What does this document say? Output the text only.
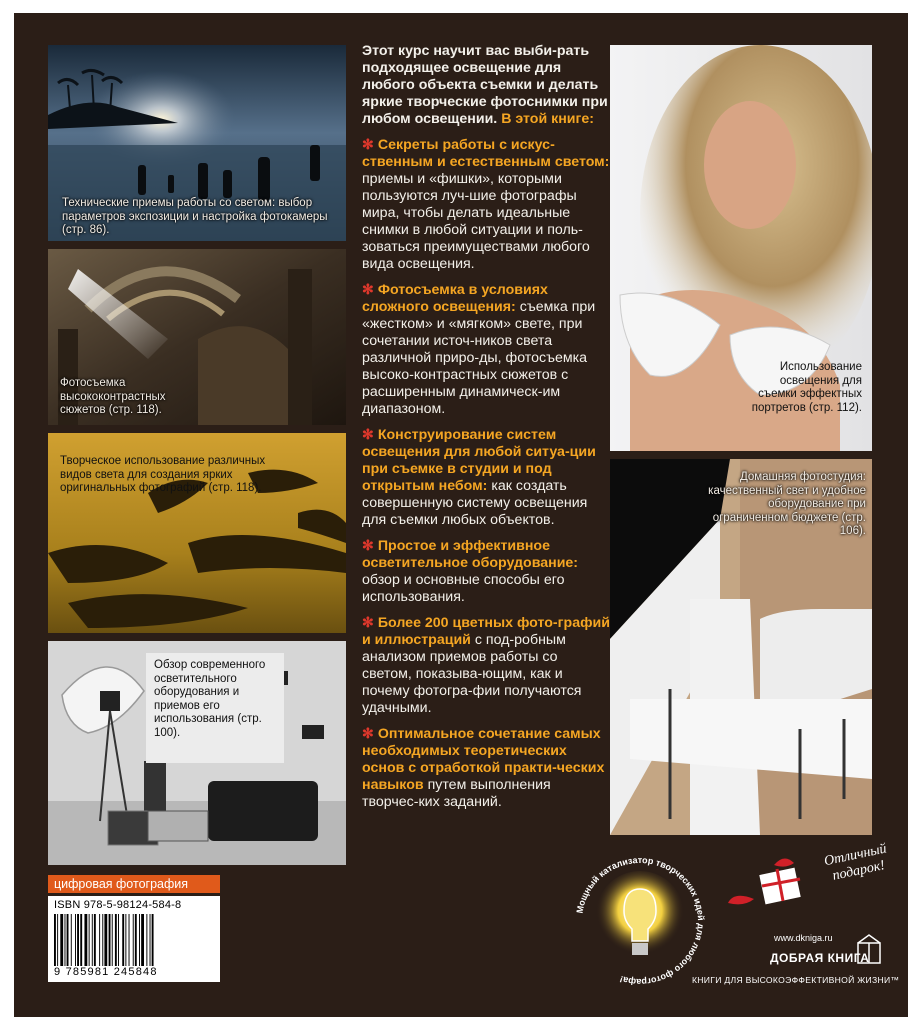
Технические приемы работы со светом: выбор параметров экспозиции и настройка фотокамеры (стр. 86).
Фотосъемка высококонтрастных сюжетов (стр. 118).
Творческое использование различных видов света для создания ярких оригинальных фотографий (стр. 118).
Обзор современного осветительного оборудования и приемов его использования (стр. 100).

Этот курс научит вас выби-рать подходящее освещение для любого объекта съемки и делать яркие творческие фотоснимки при любом освещении. В этой книге:

✻ Секреты работы с искус-ственным и естественным светом: приемы и «фишки», которыми пользуются луч-шие фотографы мира, чтобы делать идеальные снимки в любой ситуации и поль-зоваться преимуществами любого вида освещения.

✻ Фотосъемка в условиях сложного освещения: съемка при «жестком» и «мягком» свете, при сочетании источ-ников света различной приро-ды, фотосъемка высоко-контрастных сюжетов с расширенным динамическ-им диапазоном.

✻ Конструирование систем освещения для любой ситуа-ции при съемке в студии и под открытым небом: как создать совершенную систему освещения для съемки любых объектов.

✻ Простое и эффективное осветительное оборудование: обзор и основные способы его использования.

✻ Более 200 цветных фото-графий и иллюстраций с под-робным анализом приемов работы со светом, показыва-ющим, как и почему фотогра-фии получаются удачными.

✻ Оптимальное сочетание самых необходимых теоретических основ с отработкой практи-ческих навыков путем выполнения творчес-ких заданий.

Использование освещения для съемки эффектных портретов (стр. 112).
Домашняя фотостудия: качественный свет и удобное оборудование при ограниченном бюджете (стр. 106).
цифровая фотография
ISBN 978-5-98124-584-8
9 785981 245848
Мощный катализатор творческих идей для любого фотографа!
Отличный подарок!
www.dkniga.ru
ДОБРАЯ КНИГА
КНИГИ ДЛЯ ВЫСОКОЭФФЕКТИВНОЙ ЖИЗНИ™
